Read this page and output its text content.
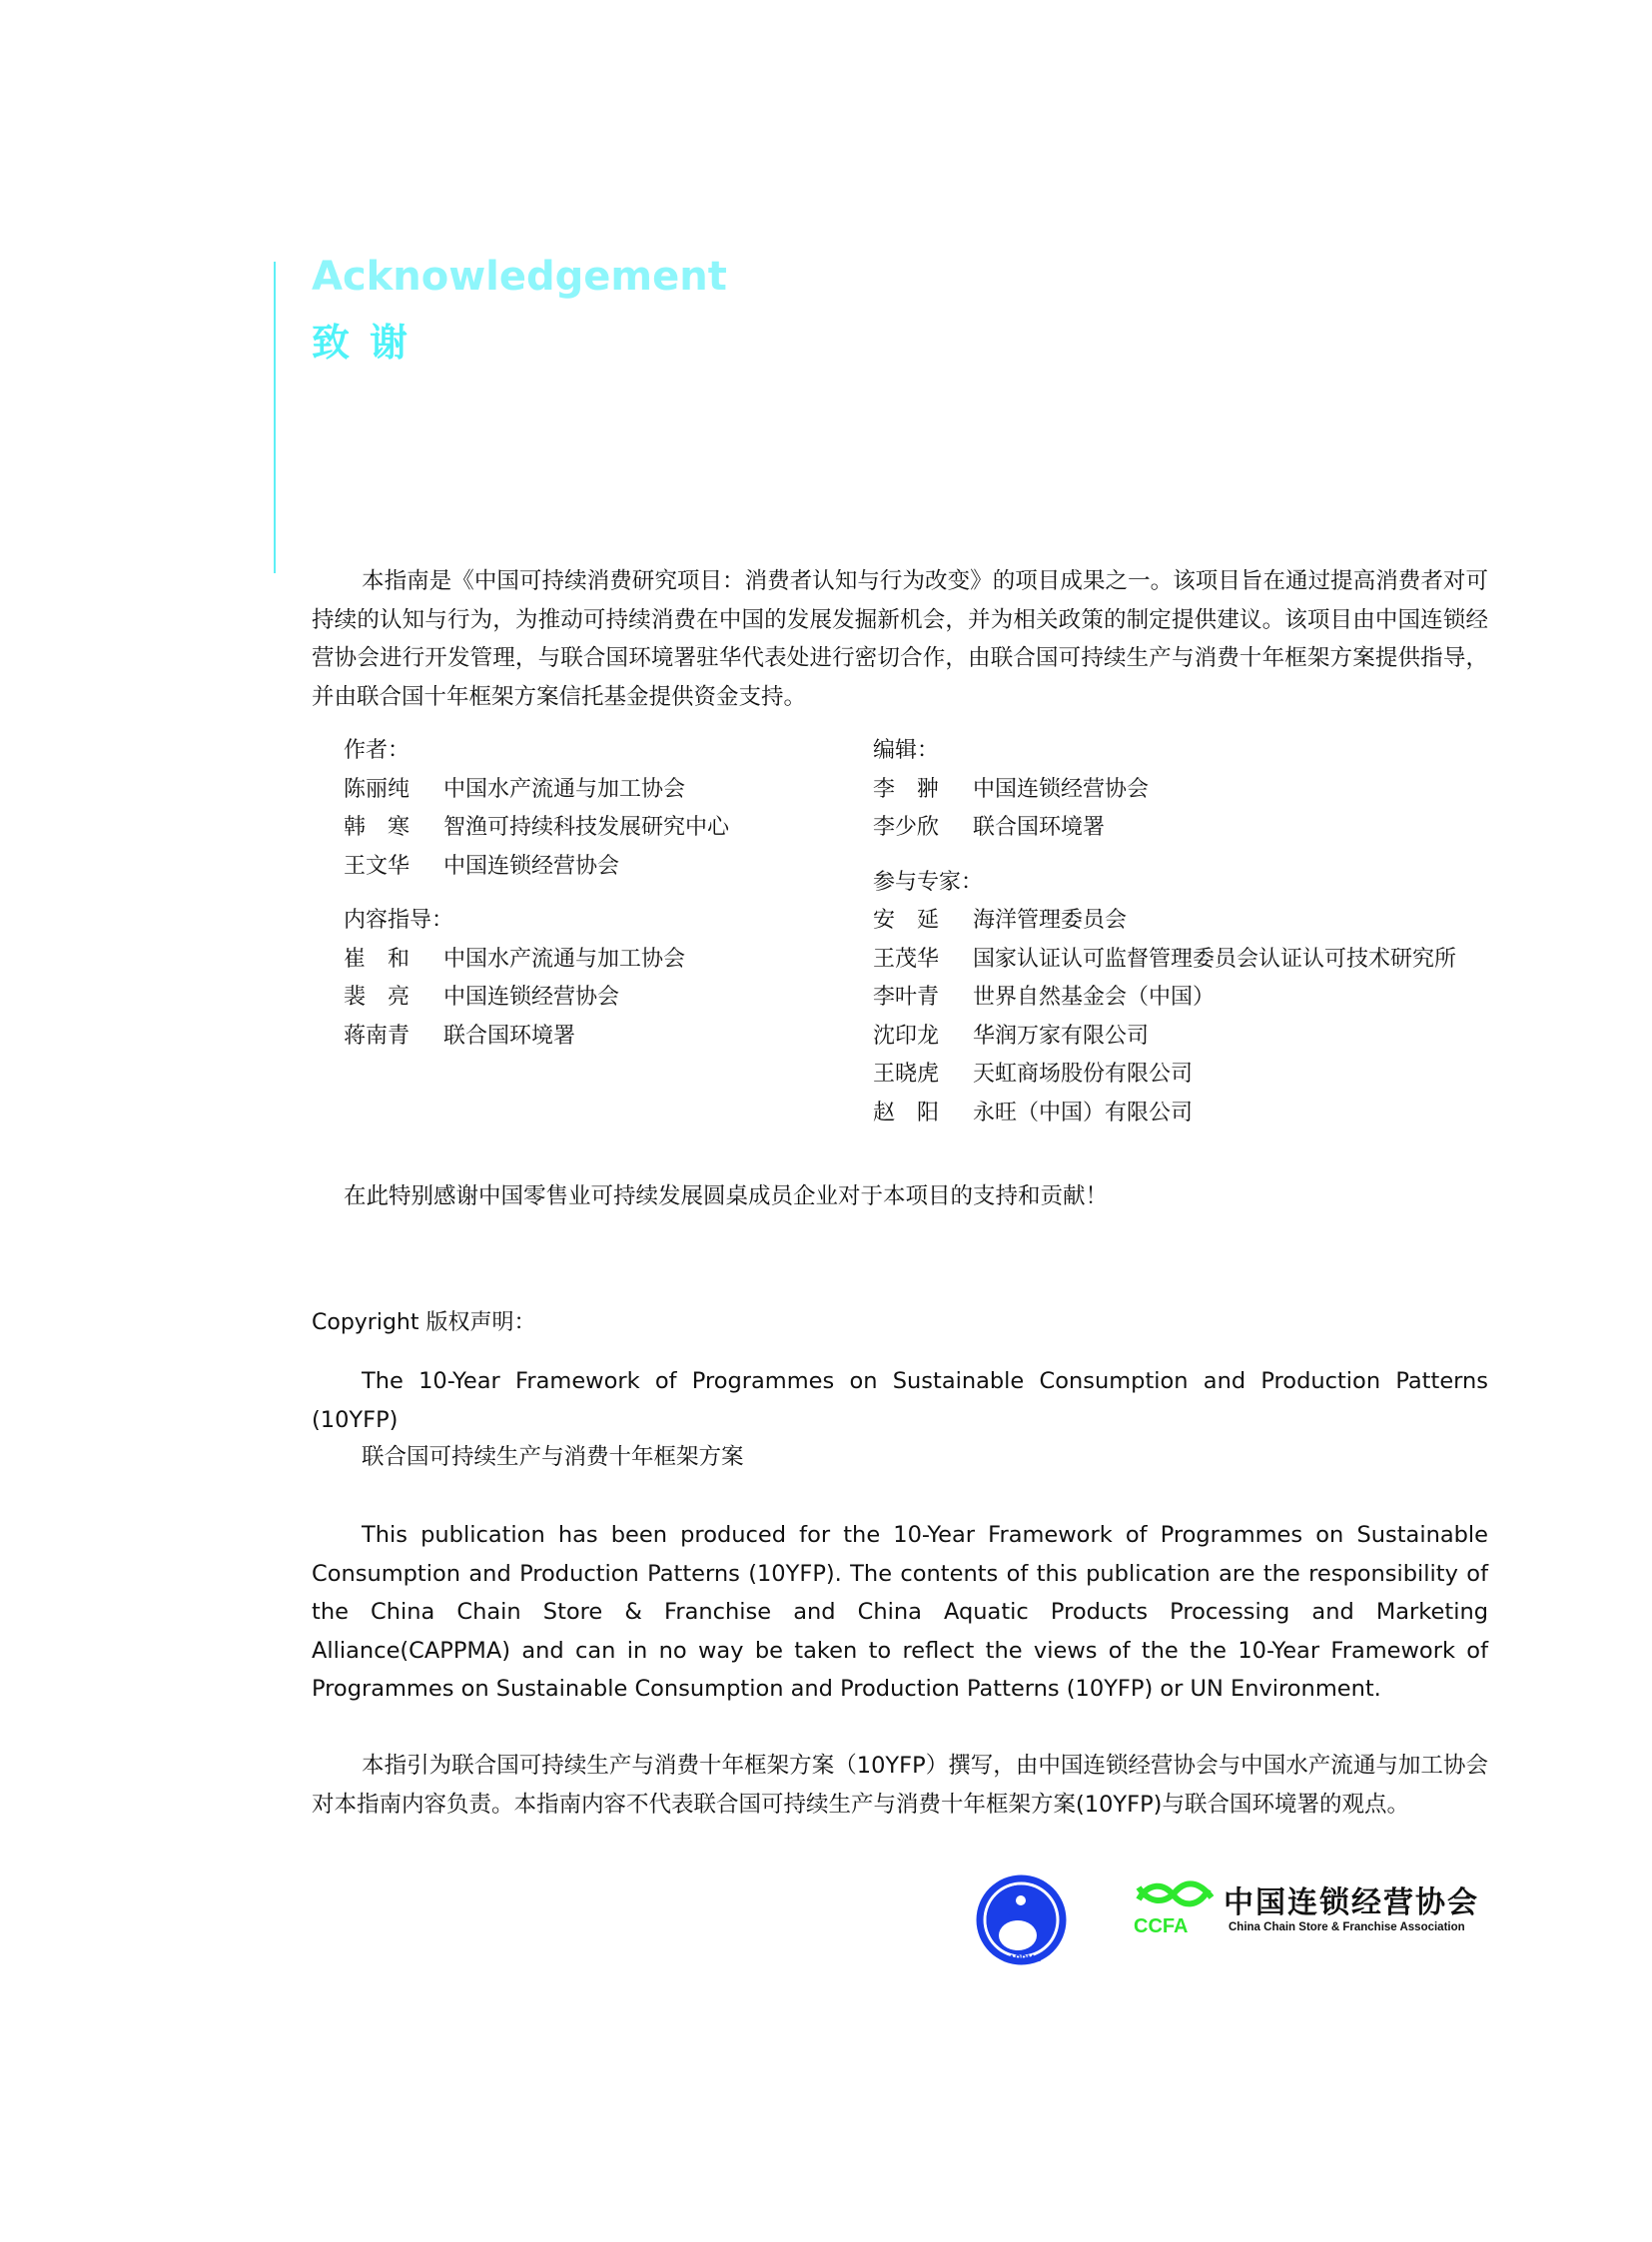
Acknowledgement
致谢
本指南是《中国可持续消费研究项目：消费者认知与行为改变》的项目成果之一。该项目旨在通过提高消费者对可持续的认知与行为，为推动可持续消费在中国的发展发掘新机会，并为相关政策的制定提供建议。该项目由中国连锁经营协会进行开发管理，与联合国环境署驻华代表处进行密切合作，由联合国可持续生产与消费十年框架方案提供指导，并由联合国十年框架方案信托基金提供资金支持。
作者：
陈丽纯	中国水产流通与加工协会
韩寒 智渔可持续科技发展研究中心
王文华	中国连锁经营协会
内容指导：
崔和 中国水产流通与加工协会
裴亮 中国连锁经营协会
蒋南青	联合国环境署
编辑：
李翀 中国连锁经营协会
李少欣	联合国环境署
参与专家：
安延 海洋管理委员会
王茂华	国家认证认可监督管理委员会认证认可技术研究所
李叶青	世界自然基金会（中国）
沈印龙	华润万家有限公司
王晓虎	天虹商场股份有限公司
赵阳 永旺（中国）有限公司
在此特别感谢中国零售业可持续发展圆桌成员企业对于本项目的支持和贡献！
Copyright 版权声明：
The 10-Year Framework of Programmes on Sustainable Consumption and Production Patterns (10YFP)
联合国可持续生产与消费十年框架方案
This publication has been produced for the 10-Year Framework of Programmes on Sustainable Consumption and Production Patterns (10YFP). The contents of this publication are the responsibility of the China Chain Store & Franchise and China Aquatic Products Processing and Marketing Alliance(CAPPMA) and can in no way be taken to reflect the views of the the 10-Year Framework of Programmes on Sustainable Consumption and Production Patterns (10YFP) or UN Environment.
本指引为联合国可持续生产与消费十年框架方案（10YFP）撰写，由中国连锁经营协会与中国水产流通与加工协会对本指南内容负责。本指南内容不代表联合国可持续生产与消费十年框架方案(10YFP)与联合国环境署的观点。
CAPPMA
CCFA
中国连锁经营协会
China Chain Store & Franchise Association
